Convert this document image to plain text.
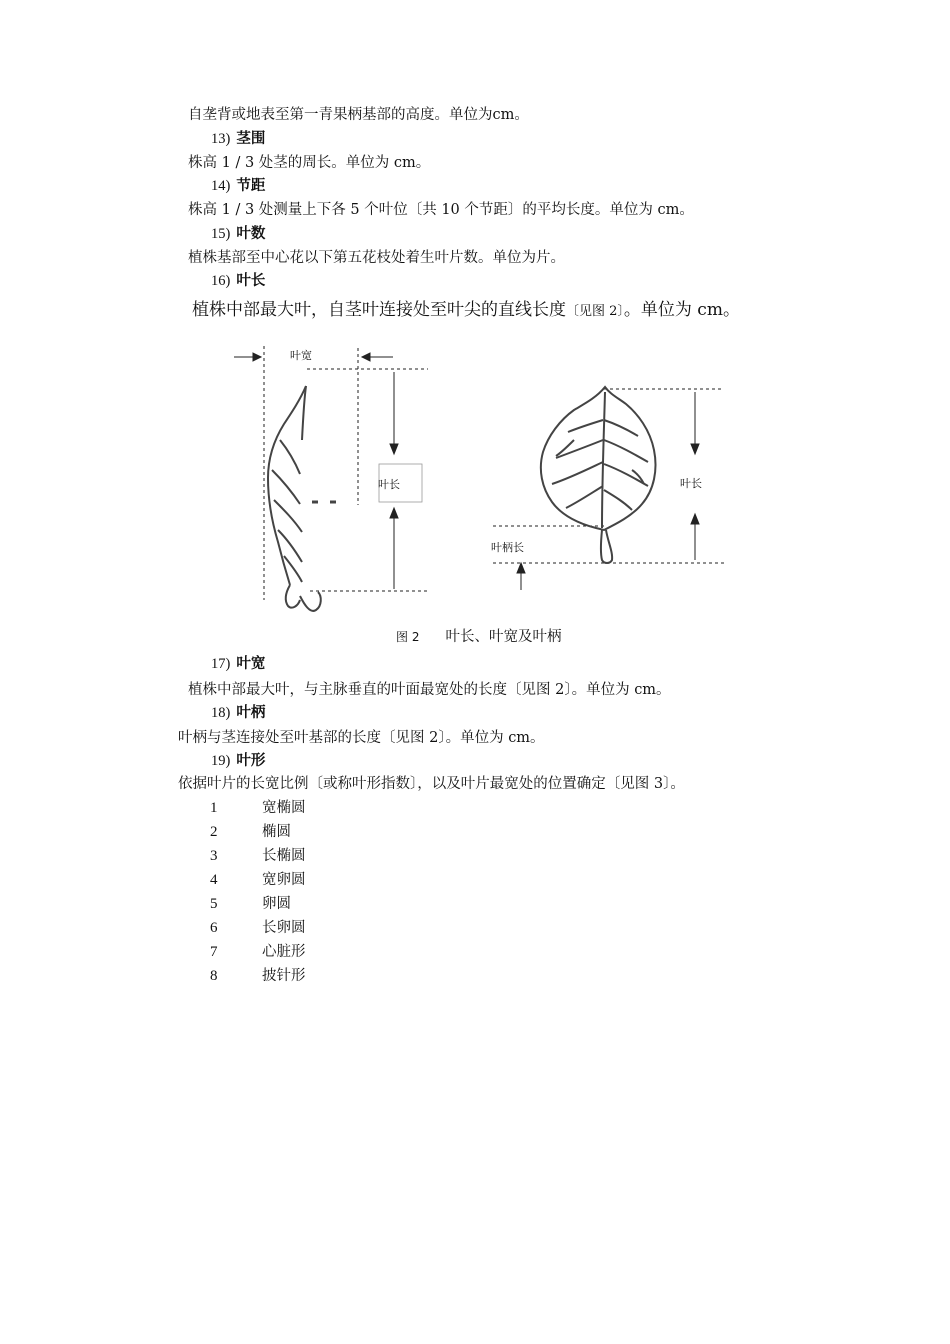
自垄背或地表至第一青果柄基部的高度。单位为cm。
13) 茎围
株高 1 / 3 处茎的周长。单位为 cm。
14) 节距
株高 1 / 3 处测量上下各 5 个叶位〔共 10 个节距〕的平均长度。单位为 cm。
15) 叶数
植株基部至中心花以下第五花枝处着生叶片数。单位为片。
16) 叶长
植株中部最大叶，自茎叶连接处至叶尖的直线长度〔见图 2〕。单位为 cm。
叶宽
叶长	叶长
叶柄长
图 2 叶长、叶宽及叶柄
17) 叶宽
植株中部最大叶，与主脉垂直的叶面最宽处的长度〔见图 2〕。单位为 cm。
18) 叶柄
叶柄与茎连接处至叶基部的长度〔见图 2〕。单位为 cm。
19) 叶形
依据叶片的长宽比例〔或称叶形指数〕，以及叶片最宽处的位置确定〔见图 3〕。
1	宽椭圆
2	椭圆
3	长椭圆
4	宽卵圆
5	卵圆
6	长卵圆
7	心脏形
8	披针形
